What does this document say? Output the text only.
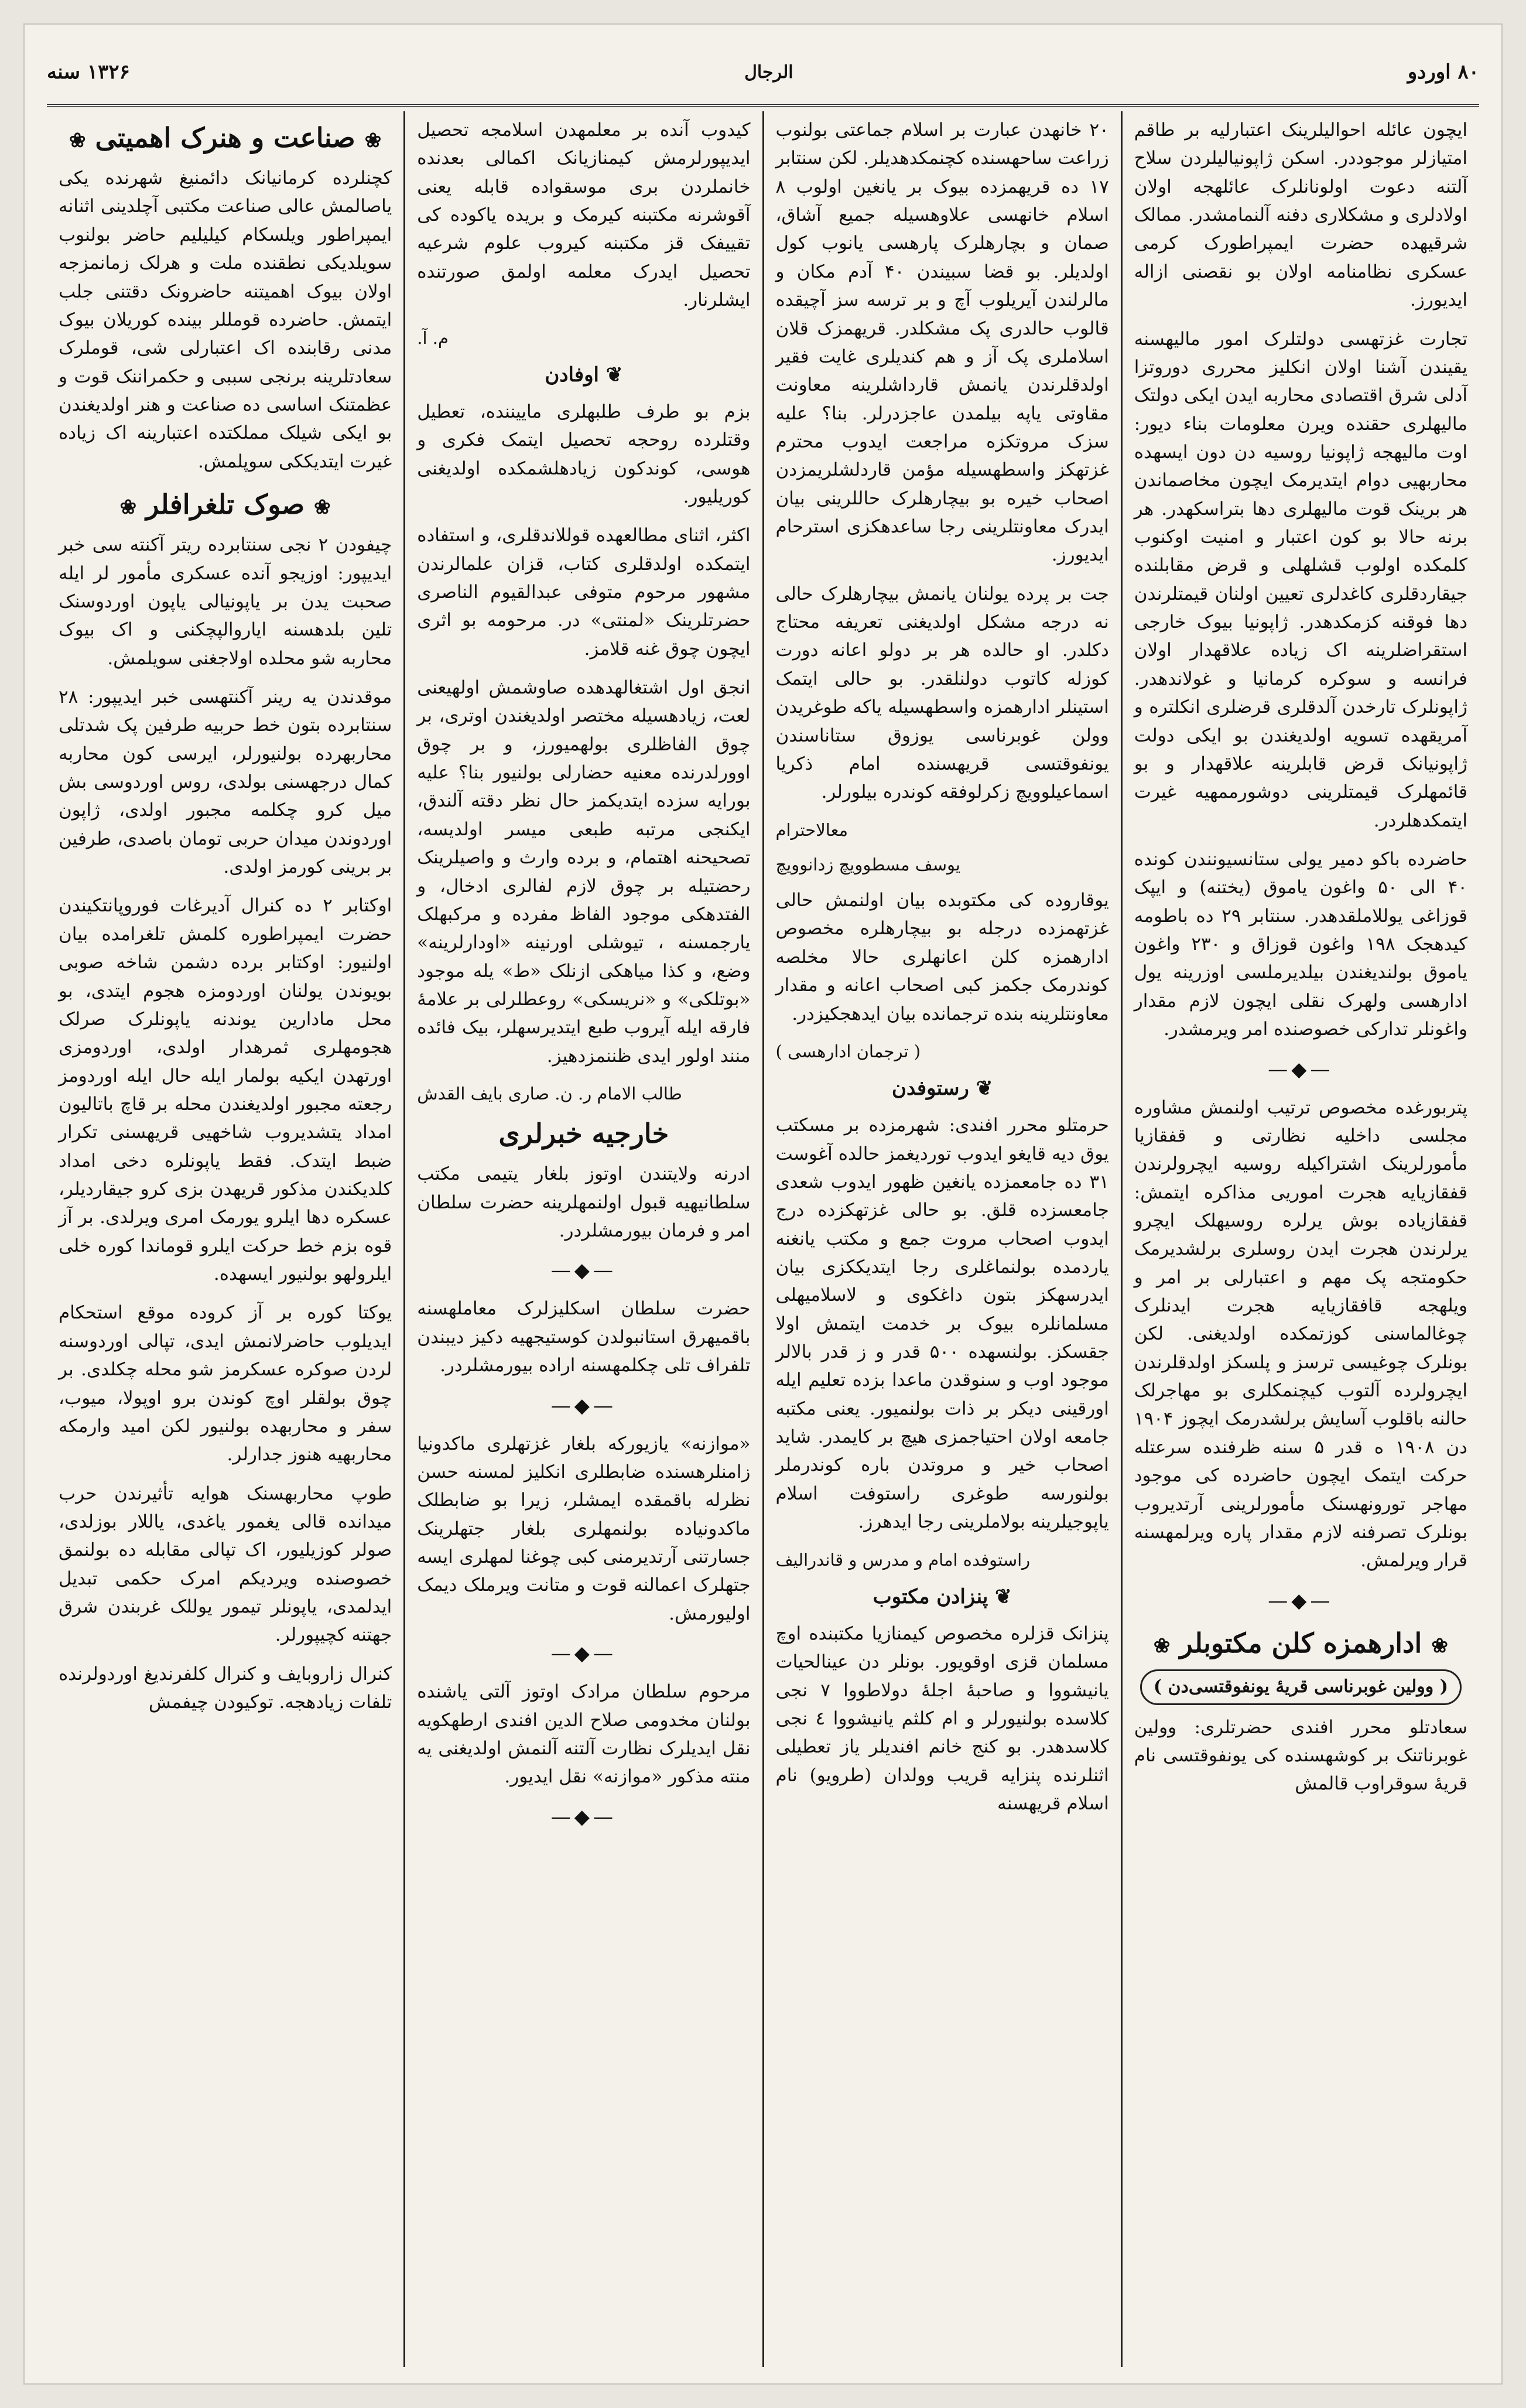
۸۰ اوردو
الرجال
۱۳۲۶ سنه

ایچون عائله احوالیلرینک اعتبارلیه بر طاقم امتیازلر موجوددر. اسکن ژاپونیالیلردن سلاح آلتنه دعوت اولونانلرک عائلهجه اولان اولادلری و مشکلاری دفنه آلنمامشدر. ممالک شرقیهده حضرت ایمپراطورک کرمی عسکری نظامنامه اولان بو نقصنی ازاله ایدیورز.

تجارت غزتهسی دولتلرک امور مالیهسنه یقیندن آشنا اولان انکلیز محرری دوروتزا آدلی شرق اقتصادی محاربه ایدن ایکی دولتک مالیهلری حقنده ویرن معلومات بناء دیور: اوت مالیهجه ژاپونیا روسیه دن دون ایسهده محاربهیی دوام ایتدیرمک ایچون مخاصماندن هر برینک قوت مالیهلری دها بتراسکهدر. هر برنه حالا بو کون اعتبار و امنیت اوکنوب کلمکده اولوب قشلهلی و قرض مقابلنده جیقاردقلری کاغدلری تعیین اولنان قیمتلرندن دها فوقنه کزمکدهدر. ژاپونیا بیوک خارجی استقراضلرینه اک زیاده علاقهدار اولان فرانسه و سوکره کرمانیا و غولاندهدر. ژاپونلرک تارخدن آلدقلری قرضلری انکلتره و آمریقهده تسویه اولدیغندن بو ایکی دولت ژاپونیانک قرض قابلرینه علاقهدار و بو قائمهلرک قیمتلرینی دوشورممهیه غیرت ایتمکدهلردر.

حاضرده باکو دمیر یولی ستانسیونندن کونده ۴۰ الی ۵۰ واغون یاموق (یختنه) و ایپک قوزاغی یوللاملقدهدر. سنتابر ۲۹ ده باطومه کیدهجک ۱۹۸ واغون قوزاق و ۲۳۰ واغون یاموق بولندیغندن بیلدیرملسی اوزرینه یول ادارهسی ولهرک نقلی ایچون لازم مقدار واغونلر تدارکی خصوصنده امر ویرمشدر.

—◆—

پتربورغده مخصوص ترتیب اولنمش مشاوره مجلسی داخلیه نظارتی و قفقازیا مأمورلرینک اشتراکیله روسیه ایچرولرندن قفقازیایه هجرت اموریی مذاکره ایتمش: قفقازیاده بوش یرلره روسیهلک ایچرو یرلرندن هجرت ایدن روسلری برلشدیرمک حکومتجه پک مهم و اعتبارلی بر امر و ویلهجه قافقازیایه هجرت ایدنلرک چوغالماسنی کوزتمکده اولدیغنی. لکن بونلرک چوغیسی ترسز و پلسکز اولدقلرندن ایچرولرده آلتوب کیچنمکلری بو مهاجرلک حالنه باقلوب آسایش برلشدرمک ایچوز ۱۹۰۴ دن ۱۹۰۸ ه قدر ۵ سنه ظرفنده سرعتله حرکت ایتمک ایچون حاضرده کی موجود مهاجر تورونهسنک مأمورلرینی آرتدیروب بونلرک تصرفنه لازم مقدار پاره ویرلمهسنه قرار ویرلمش.

—◆—
❀ ادارهمزه کلن مکتوبلر ❀
( وولین غوبرناسی قریهٔ یونفوقتسی‌دن )

سعادتلو محرر افندی حضرتلری: وولین غوبرناتنک بر کوشهسنده کی یونفوقتسی نام قریهٔ سوقراوب قالمش

۲۰ خانهدن عبارت بر اسلام جماعتی بولنوب زراعت ساحهسنده کچنمکدهدیلر. لکن سنتابر ۱۷ ده قریهمزده بیوک بر یانغین اولوب ۸ اسلام خانهسی علاوهسیله جمیع آشاق، صمان و بچارهلرک پارهسی یانوب کول اولدیلر. بو قضا سبیندن ۴۰ آدم مکان و مالرلندن آیریلوب آچ و بر ترسه سز آچیقده قالوب حالدری پک مشکلدر. قریهمزک قلان اسلاملری پک آز و هم کندیلری غایت فقیر اولدقلرندن یانمش قارداشلرینه معاونت مقاوتی یاپه بیلمدن عاجزدرلر. بنا؟ علیه سزک مروتکزه مراجعت ایدوب محترم غزتهکز واسطهسیله مؤمن قاردلشلریمزدن اصحاب خیره بو بیچارهلرک حاللرینی بیان ایدرک معاونتلرینی رجا ساعدهکزی استرحام ایدیورز.

جت بر پرده یولنان یانمش بیچارهلرک حالی نه درجه مشکل اولدیغنی تعریفه محتاج دکلدر. او حالده هر بر دولو اعانه دورت کوزله کاتوب دولنلقدر. بو حالی ایتمک استینلر ادارهمزه واسطهسیله یاکه طوغریدن وولن غوبرناسی یوزوق ستاناسندن یونفوقتسی قریهسنده امام ذکریا اسماعیلوویچ زکرلوفقه کوندره بیلورلر.

معالاحترام
یوسف مسطوویچ زدانوویچ

یوقاروده کی مکتوبده بیان اولنمش حالی غزتهمزده درجله بو بیچارهلره مخصوص ادارهمزه کلن اعانهلری حالا مخلصه کوندرمک جکمز کبی اصحاب اعانه و مقدار معاونتلرینه بنده ترجمانده بیان ایدهجکیزدر.

( ترجمان ادارهسی )
❦ رستوفدن

حرمتلو محرر افندی: شهرمزده بر مسکتب یوق دیه قایغو ایدوب توردیغمز حالده آغوست ۳۱ ده جامعمزده یانغین ظهور ایدوب شعدی جامعسزده قلق. بو حالی غزتهکزده درج ایدوب اصحاب مروت جمع و مکتب یانغنه یاردمده بولنماغلری رجا ایتدیککزی بیان ایدرسهکز بتون داغکوی و لاسلامیهلی مسلمانلره بیوک بر خدمت ایتمش اولا جقسکز. بولنسهده ۵۰۰ قدر و ز قدر بالالر موجود اوب و سنوقدن ماعدا بزده تعلیم ایله اورقینی دیکر بر ذات بولنمیور. یعنی مکتبه جامعه اولان احتیاجمزی هیچ بر کایمدر. شاید اصحاب خیر و مروتدن باره کوندرملر بولنورسه طوغری راستوفت اسلام یاپوجیلرینه بولاملرینی رجا ایدهرز.

راستوفده امام و مدرس و قاندرالیف
❦ پنزادن مکتوب

پنزانک قزلره مخصوص کیمنازیا مکتبنده اوچ مسلمان قزی اوقویور. بونلر دن عینالحیات یانیشووا و صاحبهٔ اجلهٔ دولاطووا ۷ نجی کلاسده بولنیورلر و ام کلثم یانیشووا ٤ نجی کلاسدهدر. بو کنج خانم افندیلر یاز تعطیلی اثنلرنده پنزایه قریب وولدان (طرویو) نام اسلام قریهسنه

کیدوب آنده بر معلمهدن اسلامجه تحصیل ایدیپورلرمش کیمنازیانک اکمالی بعدنده خانملردن بری موسقواده قابله یعنی آقوشرنه مکتبنه کیرمک و بریده یاکوده کی تقییفک قز مکتبنه کیروب علوم شرعیه تحصیل ایدرک معلمه اولمق صورتنده ایشلرنار.

م. آ.
❦ اوفادن

بزم بو طرف طلبهلری ماییننده، تعطیل وقتلرده روحجه تحصیل ایتمک فکری و هوسی، کوندکون زیادهلشمکده اولدیغنی کوریلیور.

اکثر، اثنای مطالعهده قوللاندقلری، و استفاده ایتمکده اولدقلری کتاب، قزان علمالرندن مشهور مرحوم متوفی عبدالقیوم الناصری حضرتلرینک «لمنتی» در. مرحومه بو اثری ایچون چوق غنه قلامز.

انجق اول اشتغالهدهده صاوشمش اولهیعنی لعت، زیادهسیله مختصر اولدیغندن اوتری، بر چوق الفاظلری بولهمیورز، و بر چوق اوورلدرنده معنیه حضارلی بولنیور بنا؟ علیه بورایه سزده ایتدیکمز حال نظر دقته آلندق، ایکنجی مرتبه طبعی میسر اولدیسه، تصحیحنه اهتمام، و برده وارث و واصیلرینک رحضتیله بر چوق لازم لفالری ادخال، و الفتدهکی موجود الفاظ مفرده و مرکبهلک یارجمسنه ، تیوشلی اورنینه «اودارلرینه» وضع، و کذا میاهکی ازنلک «ط» یله موجود «بوتلکی» و «نریسکی» روعطلرلی بر علامهٔ فارقه ایله آیروب طبع ایتدیرسهلر، بیک فائده منند اولور ایدی ظننمزدهیز.

طالب الامام ر. ن. صاری بایف القدش
خارجیه خبرلری

ادرنه ولایتندن اوتوز بلغار یتیمی مکتب سلطانیهیه قبول اولنمهلرینه حضرت سلطان امر و فرمان بیورمشلردر.

—◆—

حضرت سلطان اسکلیزلرک معاملهسنه باقمیهرق استانبولدن کوستیجهیه دکیز دیبندن تلفراف تلی چکلمهسنه اراده بیورمشلردر.

—◆—

«موازنه» یازیورکه بلغار غزتهلری ماکدونیا زامنلرهسنده ضابطلری انکلیز لمسنه حسن نظرله باقمقده ایمشلر، زیرا بو ضابطلک ماکدونیاده بولنمهلری بلغار جتهلرینک جسارتنی آرتدیرمنی کبی چوغنا لمهلری ایسه جتهلرک اعمالنه قوت و متانت ویرملک دیمک اولیورمش.

—◆—

مرحوم سلطان مرادک اوتوز آلتی یاشنده بولنان مخدومی صلاح الدین افندی ارطهکویه نقل ایدیلرک نظارت آلتنه آلنمش اولدیغنی یه منته مذکور «موازنه» نقل ایدیور.

—◆—
❀ صناعت و هنرک اهمیتی ❀

کچنلرده کرمانیانک دائمنیغ شهرنده یکی یاصالمش عالی صناعت مکتبی آچلدینی اثنانه ایمپراطور ویلسکام کیلیلیم حاضر بولنوب سویلدیکی نطقنده ملت و هرلک زمانمزجه اولان بیوک اهمیتنه حاضرونک دقتنی جلب ایتمش. حاضرده قومللر بینده کوریلان بیوک مدنی رقابنده اک اعتبارلی شی، قوملرک سعادتلرینه برنجی سببی و حکمراننک قوت و عظمتنک اساسی ده صناعت و هنر اولدیغندن بو ایکی شیلک مملکتده اعتبارینه اک زیاده غیرت ایتدیککی سوپلمش.

❀ صوک تلغرافلر ❀

چیفودن ۲ نجی سنتابرده ریتر آکنته سی خبر ایدیپور: اوزیجو آنده عسکری مأمور لر ایله صحبت یدن بر یاپونیالی یاپون اوردوسنک تلین بلدهسنه ایاروالپچکنی و اک بیوک محاربه شو محلده اولاجغنی سویلمش.

موقدندن یه رینر آکنتهسی خبر ایدیپور: ۲۸ سنتابرده بتون خط حربیه طرفین پک شدتلی محاربهرده بولنیورلر، ایرسی کون محاربه کمال درجهسنی بولدی، روس اوردوسی بش میل کرو چکلمه مجبور اولدی، ژاپون اوردوندن میدان حربی تومان باصدی، طرفین بر برینی کورمز اولدی.

اوکتابر ۲ ده کنرال آدیرغات فوروپانتکیندن حضرت ایمپراطوره کلمش تلغرامده بیان اولنیور: اوکتابر برده دشمن شاخه صوبی بویوندن یولنان اوردومزه هجوم ایتدی، بو محل مادارین یوندنه یاپونلرک صرلک هجومهلری ثمرهدار اولدی، اوردومزی اورتهدن ایکیه بولمار ایله حال ایله اوردومز رجعته مجبور اولدیغندن محله بر قاچ باتالیون امداد یتشدیروب شاخهیی قریهسنی تکرار ضبط ایتدک. فقط یاپونلره دخی امداد کلدیکندن مذکور قریهدن بزی کرو جیقاردیلر، عسکره دها ایلرو یورمک امری ویرلدی. بر آز قوه بزم خط حرکت ایلرو قوماندا کوره خلی ایلرولهو بولنیور ایسهده.

یوکتا کوره بر آز کروده موقع استحکام ایدیلوب حاضرلانمش ایدی، تپالی اوردوسنه لردن صوکره عسکرمز شو محله چکلدی. بر چوق بولقلر اوچ کوندن برو اوپولا، میوب، سفر و محاربهده بولنیور لکن امید وارمکه محاربهیه هنوز جدارلر.

طوپ محاربهسنک هوایه تأثیرندن حرب میدانده قالی یغمور یاغدی، یاللار بوزلدی، صولر کوزیلیور، اک تپالی مقابله ده بولنمق خصوصنده ویردیکم امرک حکمی تبدیل ایدلمدی، یاپونلر تیمور یوللک غربندن شرق جهتنه کچیپورلر.

کنرال زاروبایف و کنرال کلفرندیغ اوردولرنده تلفات زیادهجه. توکیودن چیفمش
